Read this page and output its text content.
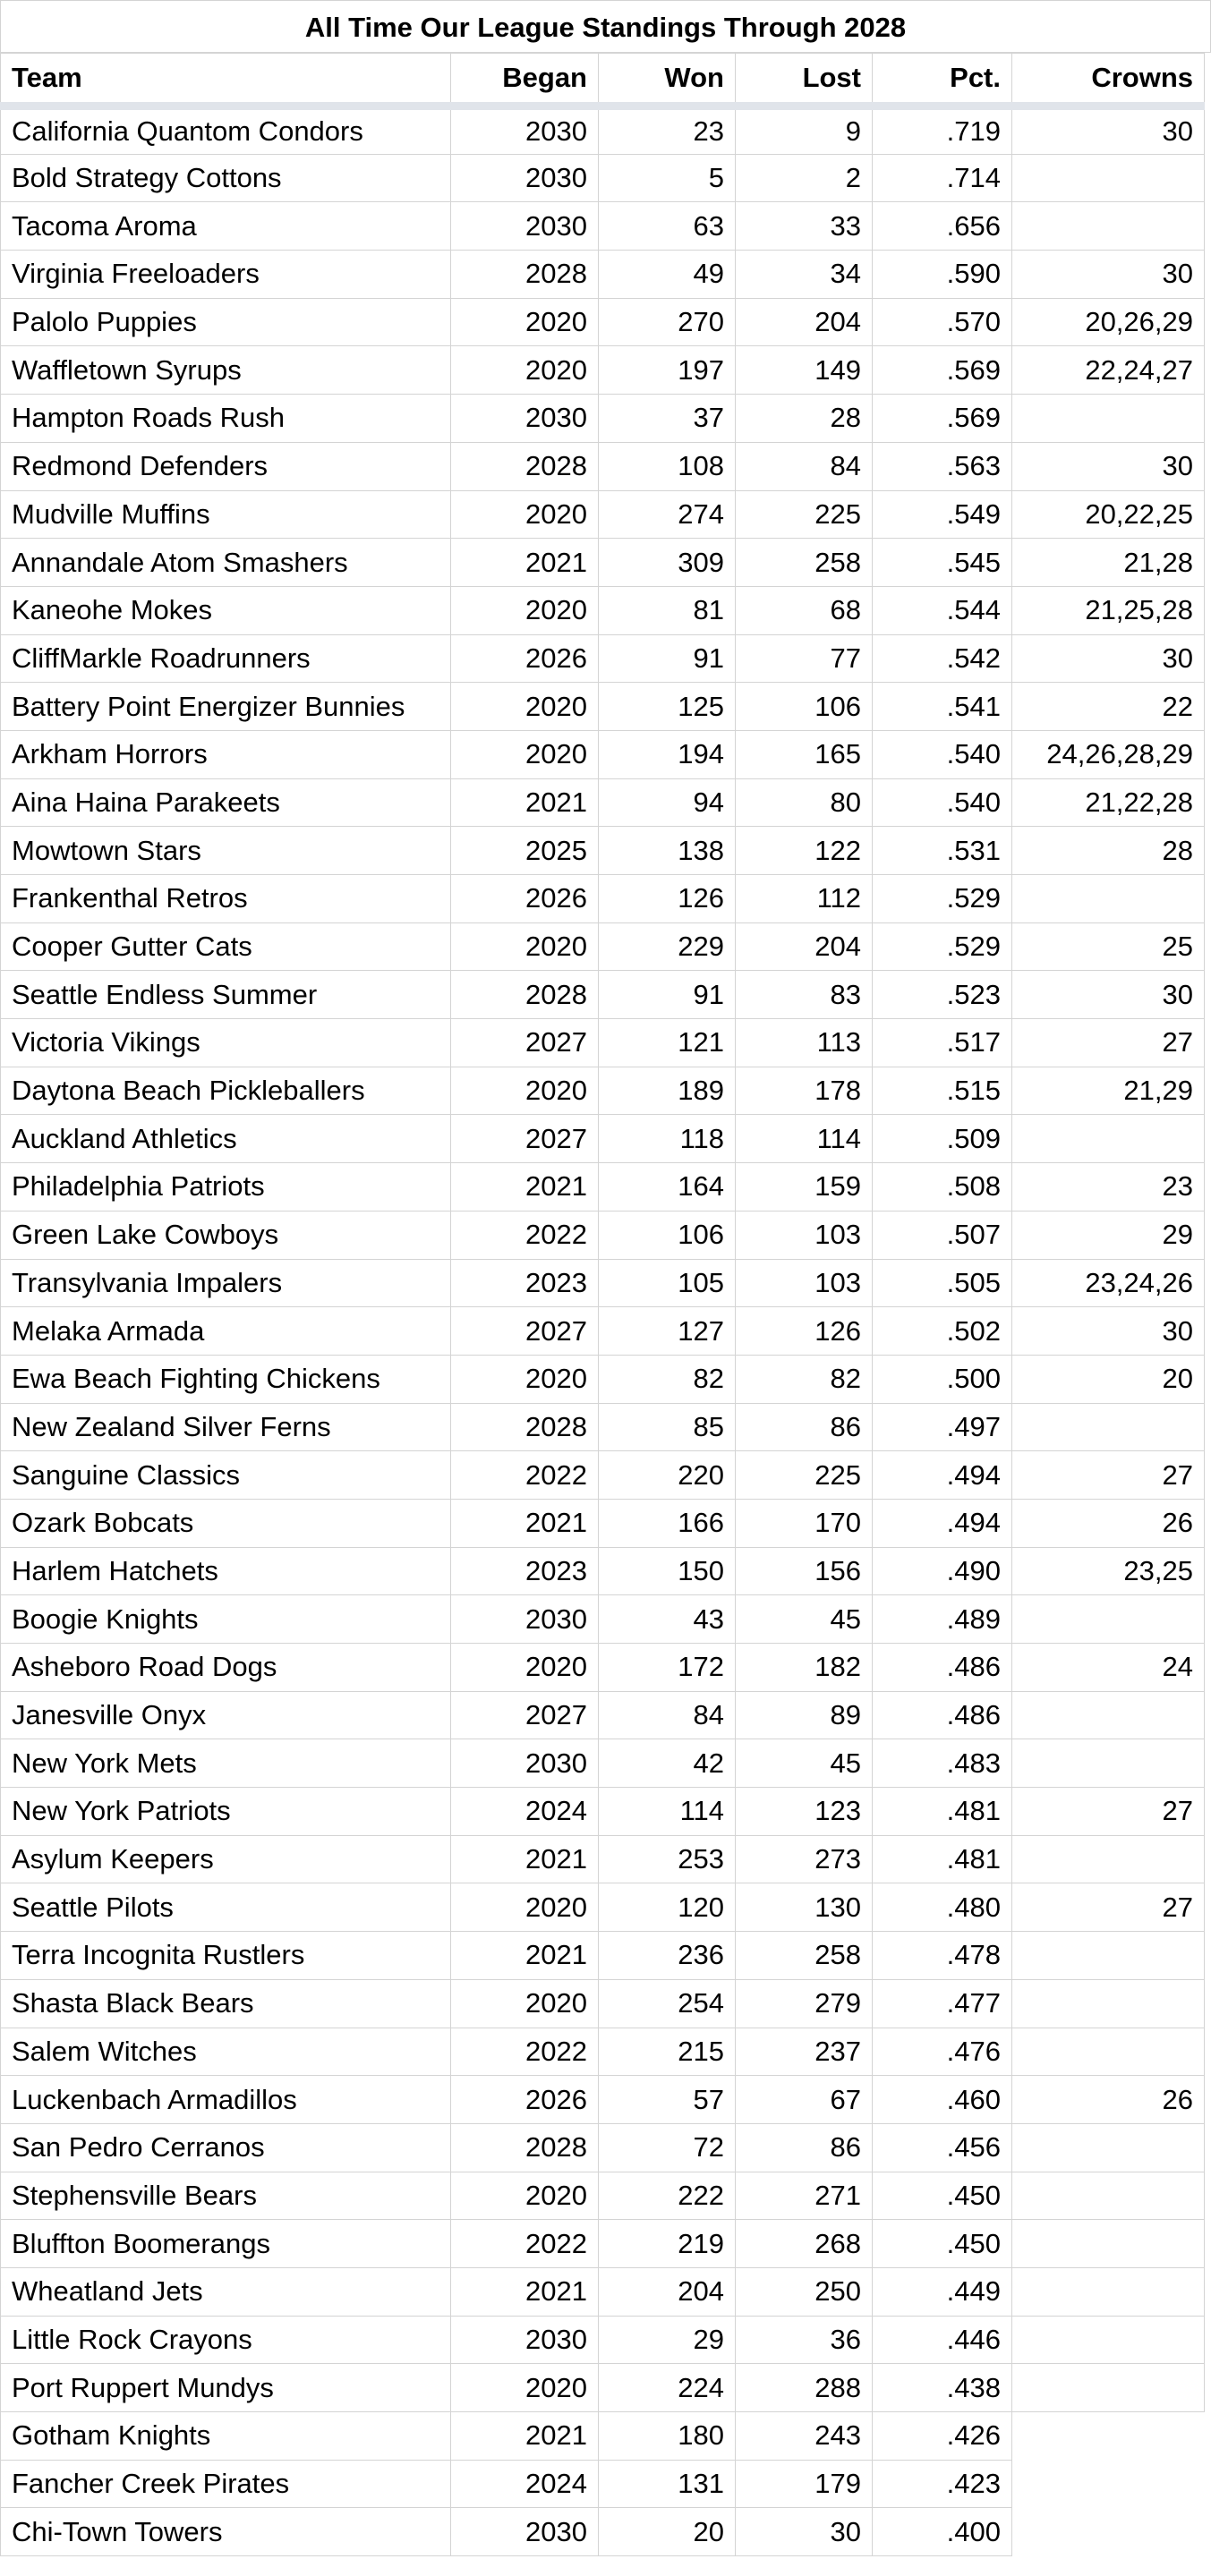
All Time Our League Standings Through 2028
Team	Began	Won	Lost	Pct.	Crowns
California Quantom Condors	2030	23	9	.719	30
Bold Strategy Cottons	2030	5	2	.714	
Tacoma Aroma	2030	63	33	.656	
Virginia Freeloaders	2028	49	34	.590	30
Palolo Puppies	2020	270	204	.570	20,26,29
Waffletown Syrups	2020	197	149	.569	22,24,27
Hampton Roads Rush	2030	37	28	.569	
Redmond Defenders	2028	108	84	.563	30
Mudville Muffins	2020	274	225	.549	20,22,25
Annandale Atom Smashers	2021	309	258	.545	21,28
Kaneohe Mokes	2020	81	68	.544	21,25,28
CliffMarkle Roadrunners	2026	91	77	.542	30
Battery Point Energizer Bunnies	2020	125	106	.541	22
Arkham Horrors	2020	194	165	.540	24,26,28,29
Aina Haina Parakeets	2021	94	80	.540	21,22,28
Mowtown Stars	2025	138	122	.531	28
Frankenthal Retros	2026	126	112	.529	
Cooper Gutter Cats	2020	229	204	.529	25
Seattle Endless Summer	2028	91	83	.523	30
Victoria Vikings	2027	121	113	.517	27
Daytona Beach Pickleballers	2020	189	178	.515	21,29
Auckland Athletics	2027	118	114	.509	
Philadelphia Patriots	2021	164	159	.508	23
Green Lake Cowboys	2022	106	103	.507	29
Transylvania Impalers	2023	105	103	.505	23,24,26
Melaka Armada	2027	127	126	.502	30
Ewa Beach Fighting Chickens	2020	82	82	.500	20
New Zealand Silver Ferns	2028	85	86	.497	
Sanguine Classics	2022	220	225	.494	27
Ozark Bobcats	2021	166	170	.494	26
Harlem Hatchets	2023	150	156	.490	23,25
Boogie Knights	2030	43	45	.489	
Asheboro Road Dogs	2020	172	182	.486	24
Janesville Onyx	2027	84	89	.486	
New York Mets	2030	42	45	.483	
New York Patriots	2024	114	123	.481	27
Asylum Keepers	2021	253	273	.481	
Seattle Pilots	2020	120	130	.480	27
Terra Incognita Rustlers	2021	236	258	.478	
Shasta Black Bears	2020	254	279	.477	
Salem Witches	2022	215	237	.476	
Luckenbach Armadillos	2026	57	67	.460	26
San Pedro Cerranos	2028	72	86	.456	
Stephensville Bears	2020	222	271	.450	
Bluffton Boomerangs	2022	219	268	.450	
Wheatland Jets	2021	204	250	.449	
Little Rock Crayons	2030	29	36	.446	
Port Ruppert Mundys	2020	224	288	.438	
Gotham Knights	2021	180	243	.426	
Fancher Creek Pirates	2024	131	179	.423	
Chi-Town Towers	2030	20	30	.400	
